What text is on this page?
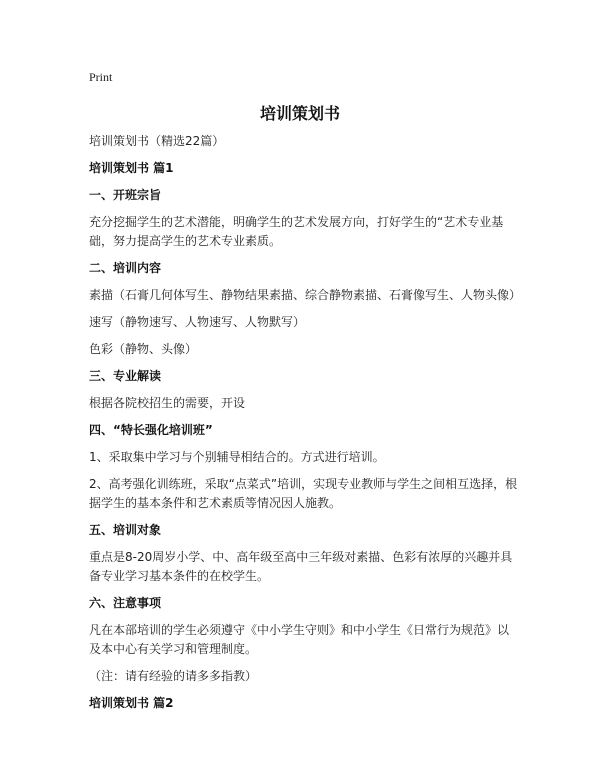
Print
培训策划书

培训策划书（精选22篇）

培训策划书 篇1

一、开班宗旨

充分挖掘学生的艺术潜能，明确学生的艺术发展方向，打好学生的“艺术专业基础，努力提高学生的艺术专业素质。

二、培训内容

素描（石膏几何体写生、静物结果素描、综合静物素描、石膏像写生、人物头像）

速写（静物速写、人物速写、人物默写）

色彩（静物、头像）

三、专业解读

根据各院校招生的需要，开设

四、“特长强化培训班”

1、采取集中学习与个别辅导相结合的。方式进行培训。

2、高考强化训练班，采取“点菜式”培训，实现专业教师与学生之间相互选择，根据学生的基本条件和艺术素质等情况因人施教。

五、培训对象

重点是8-20周岁小学、中、高年级至高中三年级对素描、色彩有浓厚的兴趣并具备专业学习基本条件的在校学生。

六、注意事项

凡在本部培训的学生必须遵守《中小学生守则》和中小学生《日常行为规范》以及本中心有关学习和管理制度。

（注：请有经验的请多多指教）

培训策划书 篇2
